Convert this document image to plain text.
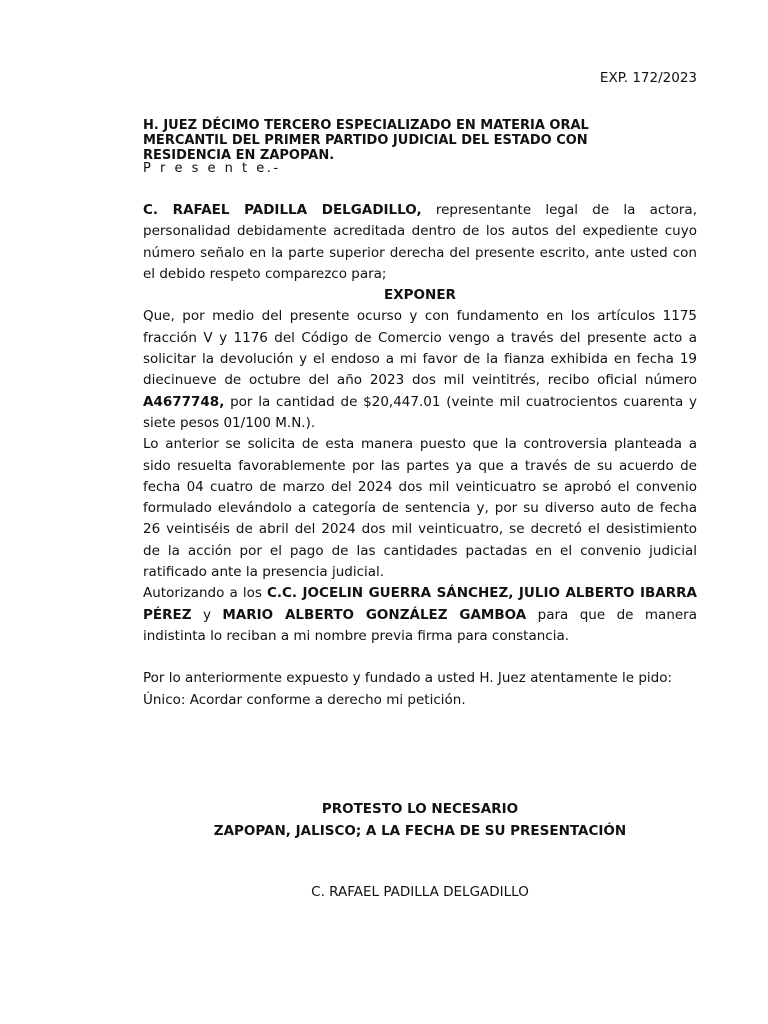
EXP. 172/2023
H. JUEZ DÉCIMO TERCERO ESPECIALIZADO EN MATERIA ORAL
MERCANTIL DEL PRIMER PARTIDO JUDICIAL DEL ESTADO CON
RESIDENCIA EN ZAPOPAN.
P r e s e n t e.-

C. RAFAEL PADILLA DELGADILLO, representante legal de la actora, personalidad debidamente acreditada dentro de los autos del expediente cuyo número señalo en la parte superior derecha del presente escrito, ante usted con el debido respeto comparezco para;

EXPONER

Que, por medio del presente ocurso y con fundamento en los artículos 1175 fracción V y 1176 del Código de Comercio vengo a través del presente acto a solicitar la devolución y el endoso a mi favor de la fianza exhibida en fecha 19 diecinueve de octubre del año 2023 dos mil veintitrés, recibo oficial número A4677748, por la cantidad de $20,447.01 (veinte mil cuatrocientos cuarenta y siete pesos 01/100 M.N.).

Lo anterior se solicita de esta manera puesto que la controversia planteada a sido resuelta favorablemente por las partes ya que a través de su acuerdo de fecha 04 cuatro de marzo del 2024 dos mil veinticuatro se aprobó el convenio formulado elevándolo a categoría de sentencia y, por su diverso auto de fecha 26 veintiséis de abril del 2024 dos mil veinticuatro, se decretó el desistimiento de la acción por el pago de las cantidades pactadas en el convenio judicial ratificado ante la presencia judicial.

Autorizando a los C.C. JOCELIN GUERRA SÁNCHEZ, JULIO ALBERTO IBARRA PÉREZ y MARIO ALBERTO GONZÁLEZ GAMBOA para que de manera indistinta lo reciban a mi nombre previa firma para constancia.

Por lo anteriormente expuesto y fundado a usted H. Juez atentamente le pido:

Único: Acordar conforme a derecho mi petición.

PROTESTO LO NECESARIO
ZAPOPAN, JALISCO; A LA FECHA DE SU PRESENTACIÓN
C. RAFAEL PADILLA DELGADILLO
